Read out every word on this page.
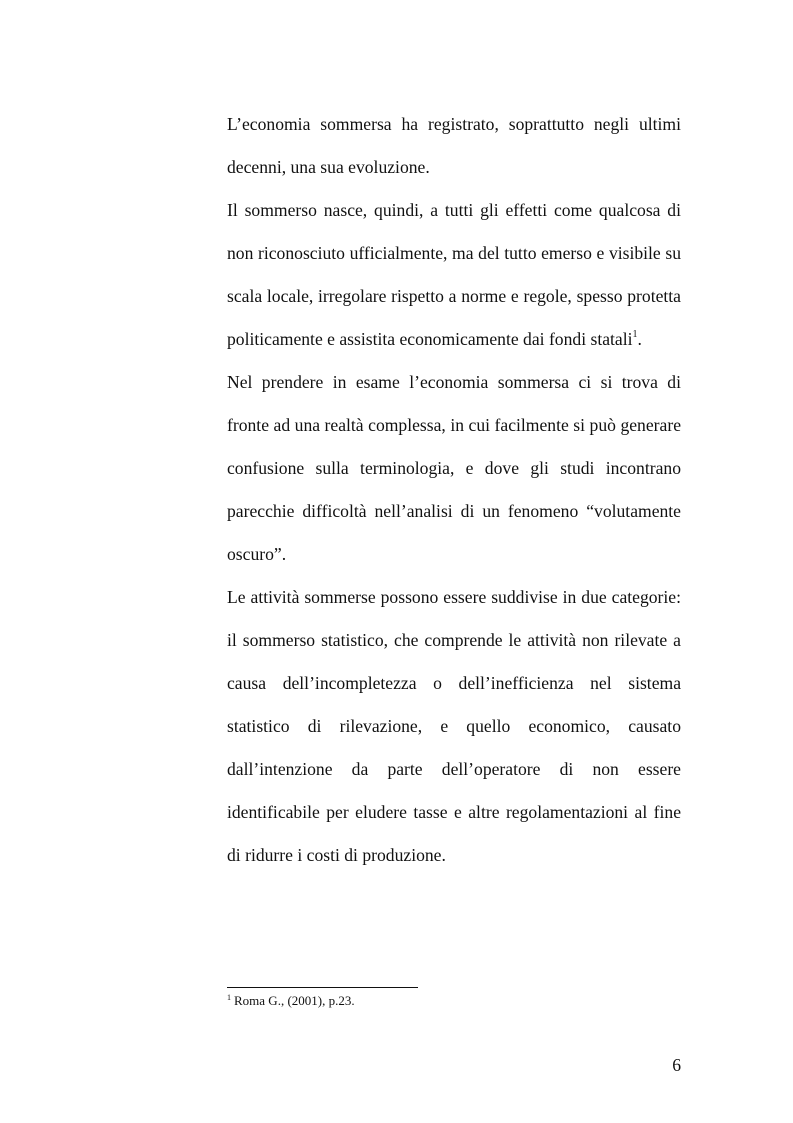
L’economia sommersa ha registrato, soprattutto negli ultimi decenni, una sua evoluzione.

Il sommerso nasce, quindi, a tutti gli effetti come qualcosa di non riconosciuto ufficialmente, ma del tutto emerso e visibile su scala locale, irregolare rispetto a norme e regole, spesso protetta politicamente e assistita economicamente dai fondi statali$^1$.

Nel prendere in esame l’economia sommersa ci si trova di fronte ad una realtà complessa, in cui facilmente si può generare confusione sulla terminologia, e dove gli studi incontrano parecchie difficoltà nell’analisi di un fenomeno “volutamente oscuro”.

Le attività sommerse possono essere suddivise in due categorie: il sommerso statistico, che comprende le attività non rilevate a causa dell’incompletezza o dell’inefficienza nel sistema statistico di rilevazione, e quello economico, causato dall’intenzione da parte dell’operatore di non essere identificabile per eludere tasse e altre regolamentazioni al fine di ridurre i costi di produzione.

$^1$ Roma G., (2001), p.23.
6
